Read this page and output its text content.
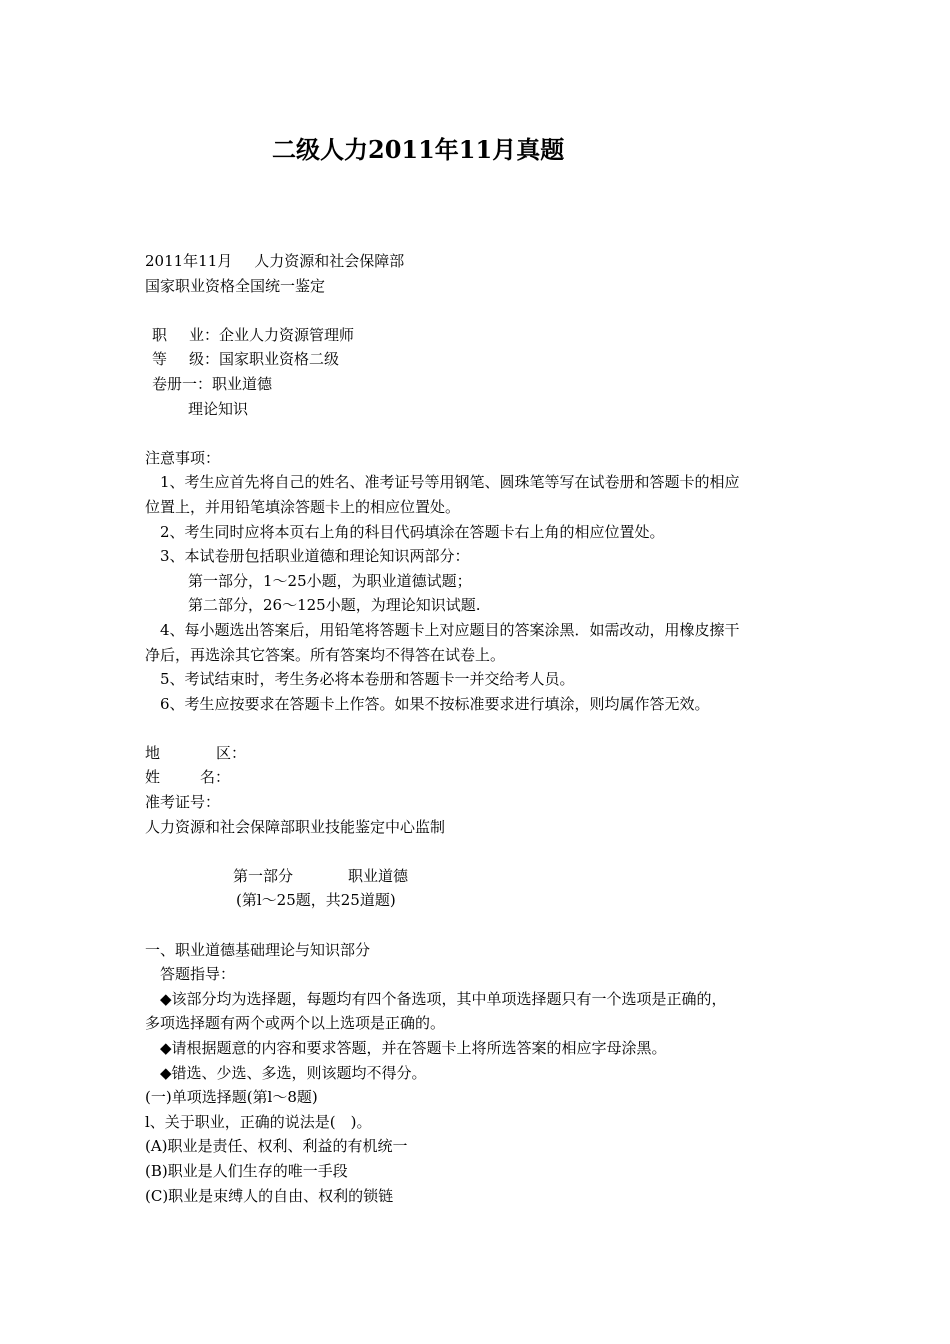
二级人力2011年11月真题
2011年11月 人力资源和社会保障部
国家职业资格全国统一鉴定
职 业：企业人力资源管理师
等 级：国家职业资格二级
卷册一：职业道德
理论知识
注意事项：
1、考生应首先将自己的姓名、准考证号等用钢笔、圆珠笔等写在试卷册和答题卡的相应
位置上，并用铅笔填涂答题卡上的相应位置处。
2、考生同时应将本页右上角的科目代码填涂在答题卡右上角的相应位置处。
3、本试卷册包括职业道德和理论知识两部分：
第一部分，1～25小题，为职业道德试题；
第二部分，26～125小题，为理论知识试题.
4、每小题选出答案后，用铅笔将答题卡上对应题目的答案涂黑．如需改动，用橡皮擦干
净后，再选涂其它答案。所有答案均不得答在试卷上。
5、考试结束时，考生务必将本卷册和答题卡一并交给考人员。
6、考生应按要求在答题卡上作答。如果不按标准要求进行填涂，则均属作答无效。
地	区：
姓	名：
准考证号：
人力资源和社会保障部职业技能鉴定中心监制
第一部分	职业道德
(第l～25题，共25道题)
一、职业道德基础理论与知识部分
答题指导：
◆该部分均为选择题，每题均有四个备选项，其中单项选择题只有一个选项是正确的，
多项选择题有两个或两个以上选项是正确的。
◆请根据题意的内容和要求答题，并在答题卡上将所选答案的相应字母涂黑。
◆错选、少选、多选，则该题均不得分。
(一)单项选择题(第l～8题)
l、关于职业，正确的说法是(　)。
(A)职业是责任、权利、利益的有机统一
(B)职业是人们生存的唯一手段
(C)职业是束缚人的自由、权利的锁链
